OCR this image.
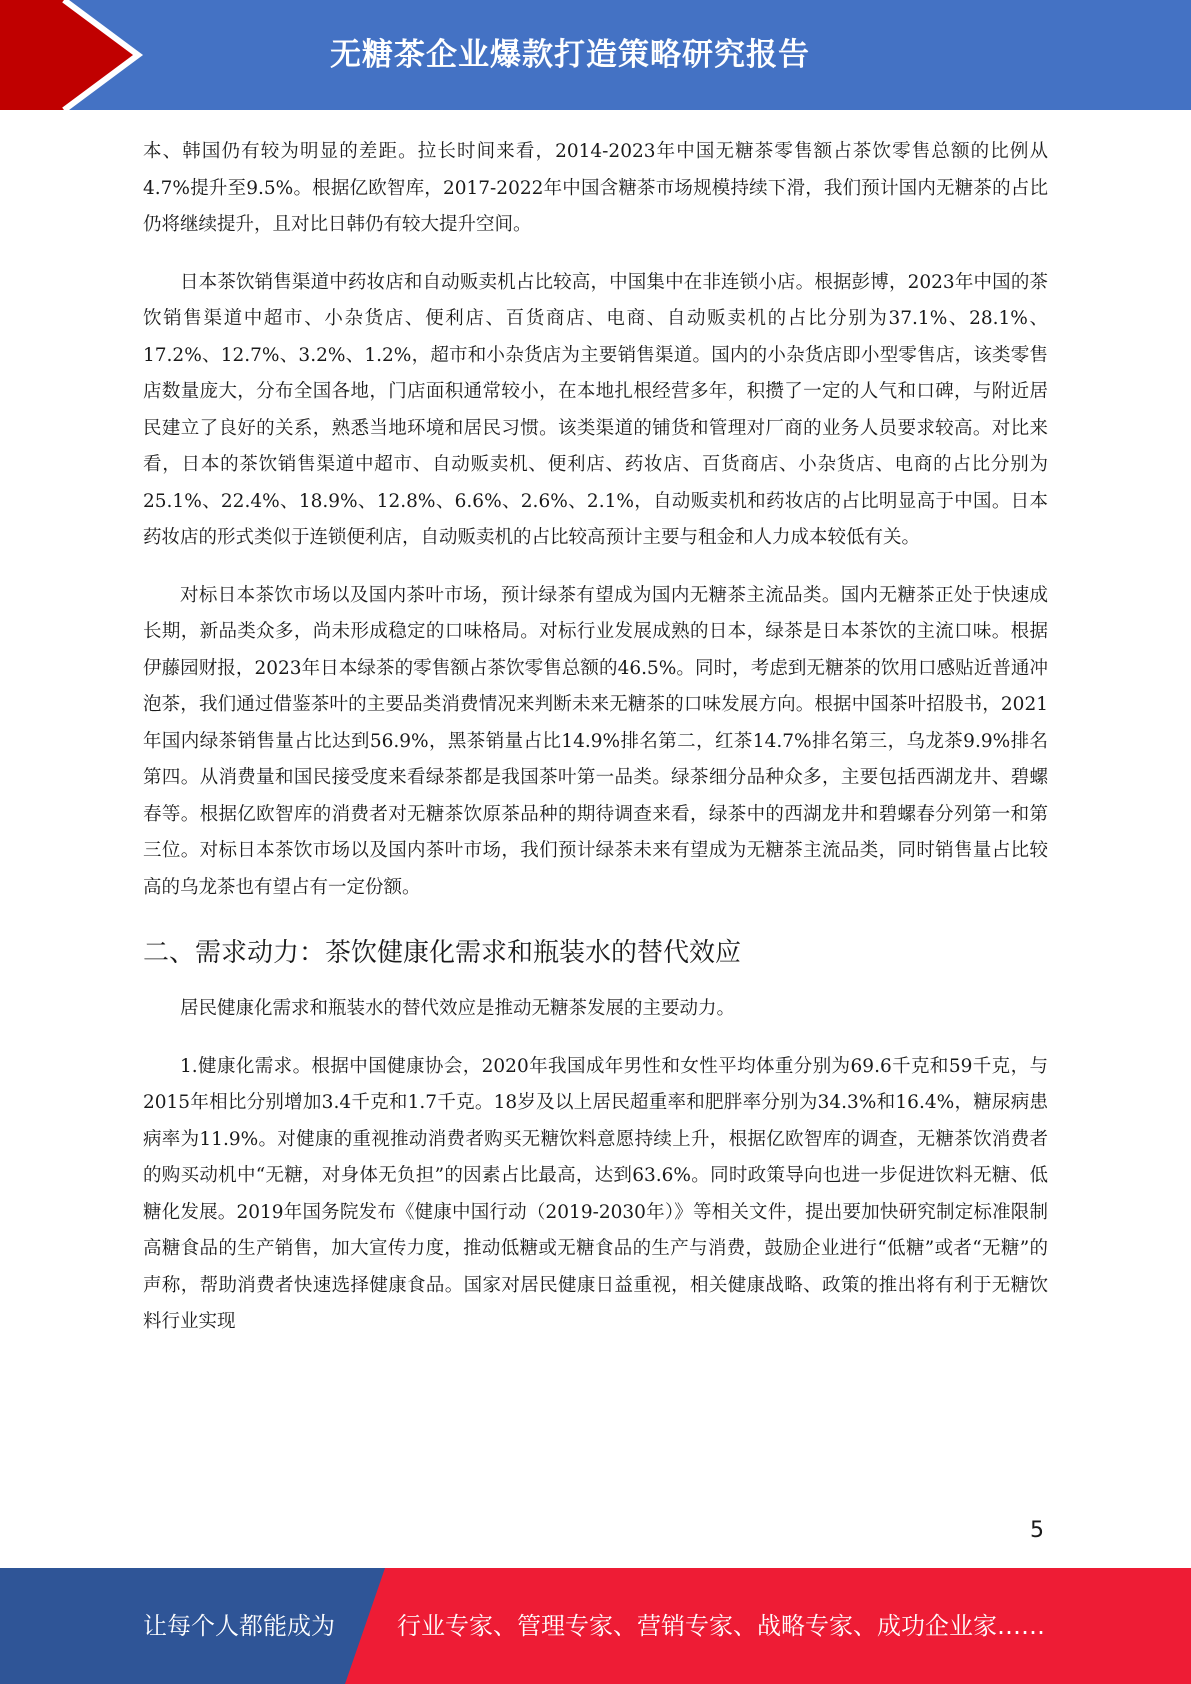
无糖茶企业爆款打造策略研究报告

本、韩国仍有较为明显的差距。拉长时间来看，2014-2023年中国无糖茶零售额占茶饮零售总额的比例从4.7%提升至9.5%。根据亿欧智库，2017-2022年中国含糖茶市场规模持续下滑，我们预计国内无糖茶的占比仍将继续提升，且对比日韩仍有较大提升空间。

日本茶饮销售渠道中药妆店和自动贩卖机占比较高，中国集中在非连锁小店。根据彭博，2023年中国的茶饮销售渠道中超市、小杂货店、便利店、百货商店、电商、自动贩卖机的占比分别为37.1%、28.1%、17.2%、12.7%、3.2%、1.2%，超市和小杂货店为主要销售渠道。国内的小杂货店即小型零售店，该类零售店数量庞大，分布全国各地，门店面积通常较小，在本地扎根经营多年，积攒了一定的人气和口碑，与附近居民建立了良好的关系，熟悉当地环境和居民习惯。该类渠道的铺货和管理对厂商的业务人员要求较高。对比来看，日本的茶饮销售渠道中超市、自动贩卖机、便利店、药妆店、百货商店、小杂货店、电商的占比分别为25.1%、22.4%、18.9%、12.8%、6.6%、2.6%、2.1%，自动贩卖机和药妆店的占比明显高于中国。日本药妆店的形式类似于连锁便利店，自动贩卖机的占比较高预计主要与租金和人力成本较低有关。

对标日本茶饮市场以及国内茶叶市场，预计绿茶有望成为国内无糖茶主流品类。国内无糖茶正处于快速成长期，新品类众多，尚未形成稳定的口味格局。对标行业发展成熟的日本，绿茶是日本茶饮的主流口味。根据伊藤园财报，2023年日本绿茶的零售额占茶饮零售总额的46.5%。同时，考虑到无糖茶的饮用口感贴近普通冲泡茶，我们通过借鉴茶叶的主要品类消费情况来判断未来无糖茶的口味发展方向。根据中国茶叶招股书，2021年国内绿茶销售量占比达到56.9%，黑茶销量占比14.9%排名第二，红茶14.7%排名第三，乌龙茶9.9%排名第四。从消费量和国民接受度来看绿茶都是我国茶叶第一品类。绿茶细分品种众多，主要包括西湖龙井、碧螺春等。根据亿欧智库的消费者对无糖茶饮原茶品种的期待调查来看，绿茶中的西湖龙井和碧螺春分列第一和第三位。对标日本茶饮市场以及国内茶叶市场，我们预计绿茶未来有望成为无糖茶主流品类，同时销售量占比较高的乌龙茶也有望占有一定份额。

二、需求动力：茶饮健康化需求和瓶装水的替代效应

居民健康化需求和瓶装水的替代效应是推动无糖茶发展的主要动力。

1.健康化需求。根据中国健康协会，2020年我国成年男性和女性平均体重分别为69.6千克和59千克，与2015年相比分别增加3.4千克和1.7千克。18岁及以上居民超重率和肥胖率分别为34.3%和16.4%，糖尿病患病率为11.9%。对健康的重视推动消费者购买无糖饮料意愿持续上升，根据亿欧智库的调查，无糖茶饮消费者的购买动机中“无糖，对身体无负担”的因素占比最高，达到63.6%。同时政策导向也进一步促进饮料无糖、低糖化发展。2019年国务院发布《健康中国行动（2019-2030年）》等相关文件，提出要加快研究制定标准限制高糖食品的生产销售，加大宣传力度，推动低糖或无糖食品的生产与消费，鼓励企业进行“低糖”或者“无糖”的声称，帮助消费者快速选择健康食品。国家对居民健康日益重视，相关健康战略、政策的推出将有利于无糖饮料行业实现

5
让每个人都能成为	行业专家、管理专家、营销专家、战略专家、成功企业家……
